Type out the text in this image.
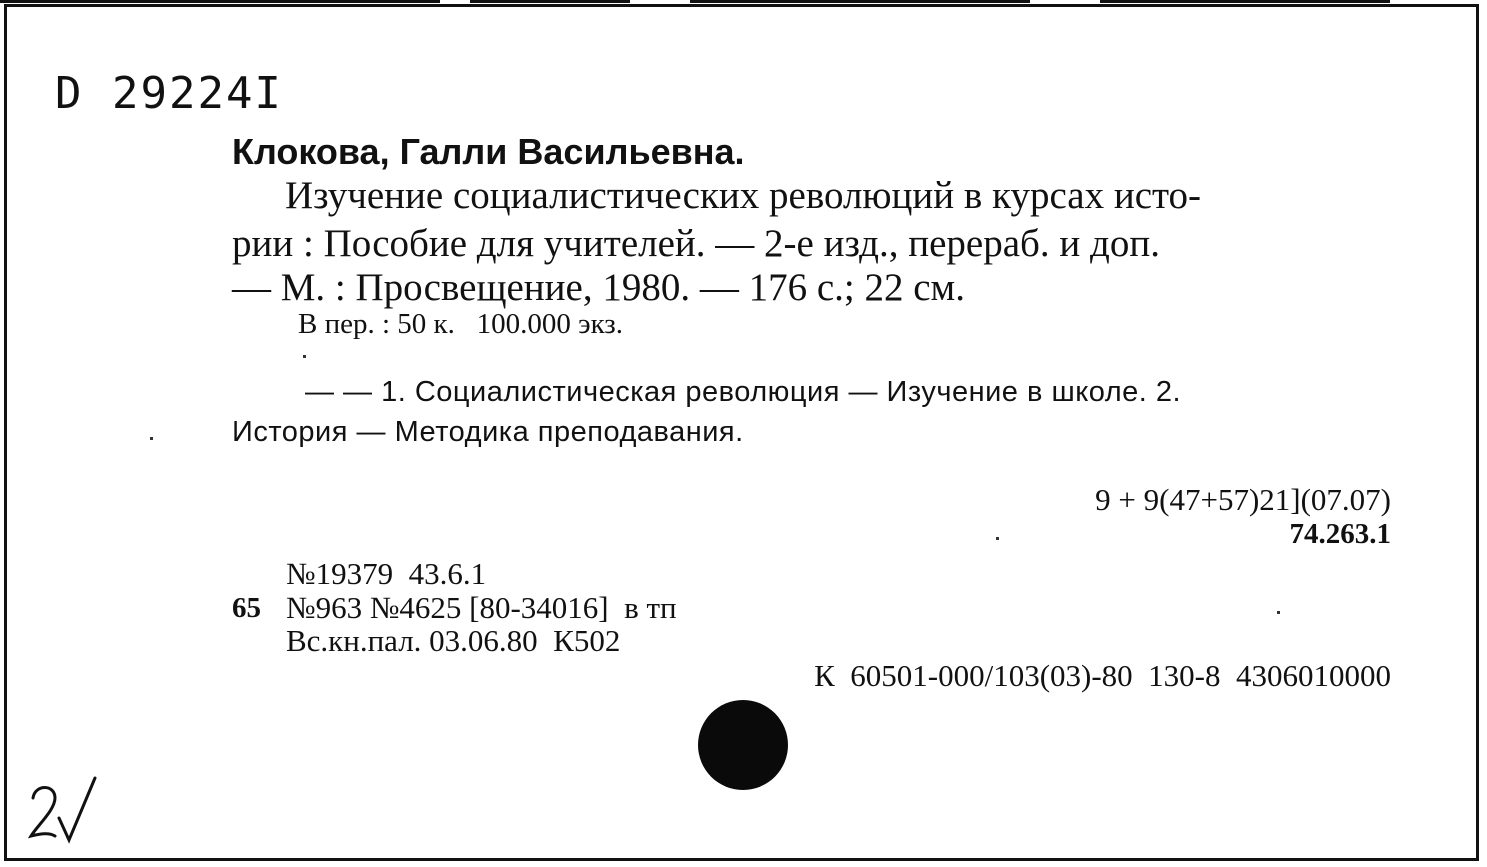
D 29224I
Клокова, Галли Васильевна.
Изучение социалистических революций в курсах исто-
рии : Пособие для учителей. — 2-е изд., перераб. и доп.
— М. : Просвещение, 1980. — 176 с.; 22 см.
В пер. : 50 к.   100.000 экз.
— — 1. Социалистическая революция — Изучение в школе. 2.
История — Методика преподавания.
9 + 9(47+57)21](07.07)
74.263.1
№19379  43.6.1
65 №963 №4625 [80-34016]  в тп
Вс.кн.пал. 03.06.80  К502
К  60501-000/103(03)-80  130-8  4306010000
